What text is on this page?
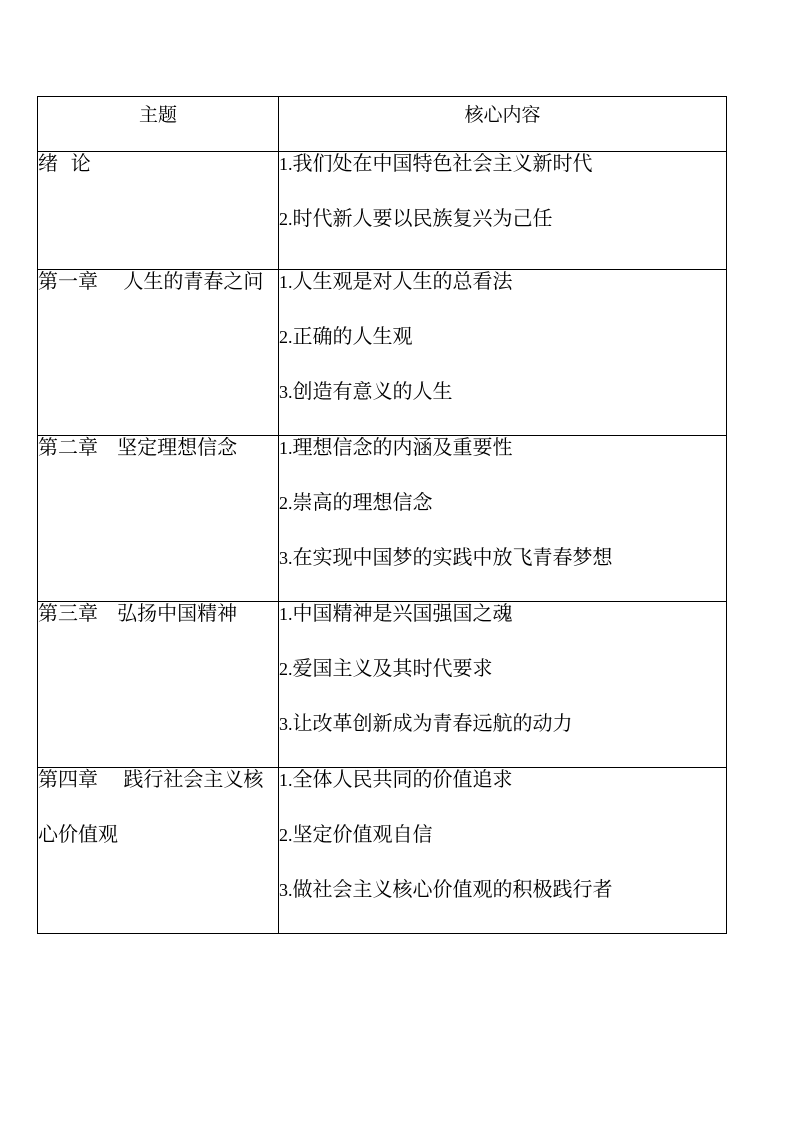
主题	核心内容

绪  论	1.我们处在中国特色社会主义新时代
2.时代新人要以民族复兴为己任

第一章    人生的青春之问	1.人生观是对人生的总看法
2.正确的人生观
3.创造有意义的人生

第二章   坚定理想信念	1.理想信念的内涵及重要性
2.崇高的理想信念
3.在实现中国梦的实践中放飞青春梦想

第三章   弘扬中国精神	1.中国精神是兴国强国之魂
2.爱国主义及其时代要求
3.让改革创新成为青春远航的动力

第四章    践行社会主义核心价值观	1.全体人民共同的价值追求
2.坚定价值观自信
3.做社会主义核心价值观的积极践行者
